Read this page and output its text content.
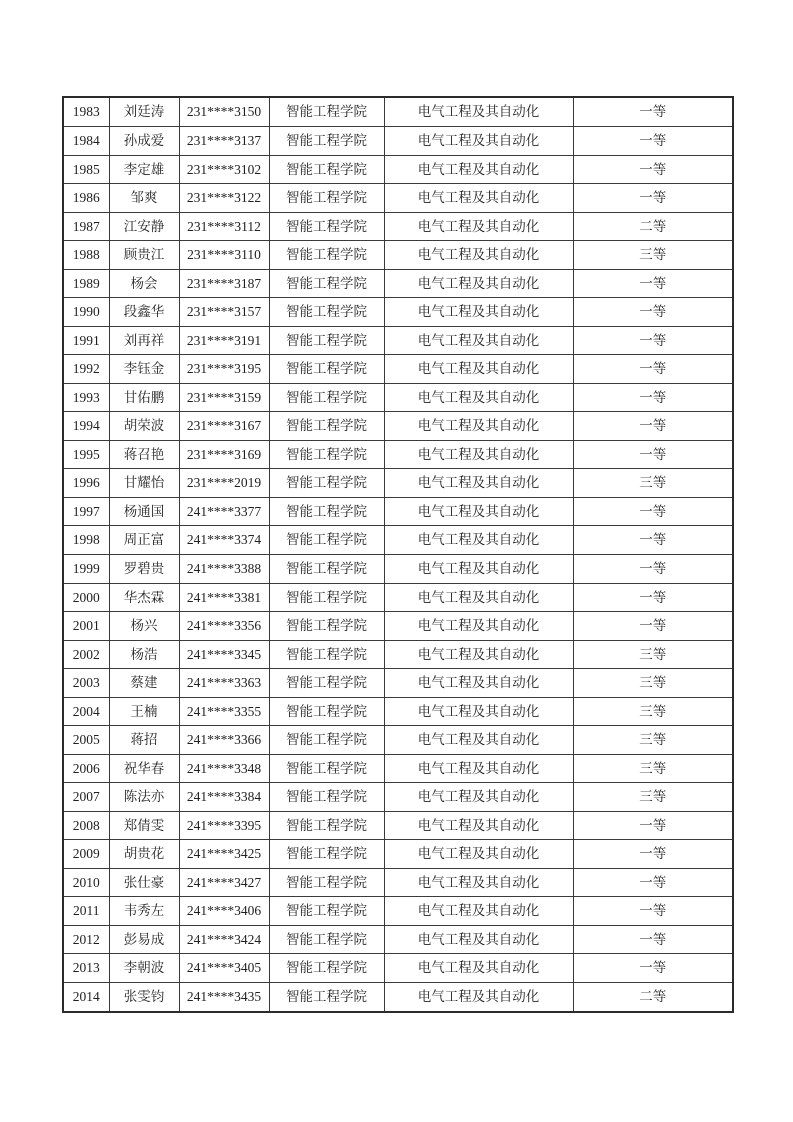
1983	刘廷涛	231****3150	智能工程学院	电气工程及其自动化	一等
1984	孙成爱	231****3137	智能工程学院	电气工程及其自动化	一等
1985	李定雄	231****3102	智能工程学院	电气工程及其自动化	一等
1986	邹爽	231****3122	智能工程学院	电气工程及其自动化	一等
1987	江安静	231****3112	智能工程学院	电气工程及其自动化	二等
1988	顾贵江	231****3110	智能工程学院	电气工程及其自动化	三等
1989	杨会	231****3187	智能工程学院	电气工程及其自动化	一等
1990	段鑫华	231****3157	智能工程学院	电气工程及其自动化	一等
1991	刘再祥	231****3191	智能工程学院	电气工程及其自动化	一等
1992	李钰金	231****3195	智能工程学院	电气工程及其自动化	一等
1993	甘佑鹏	231****3159	智能工程学院	电气工程及其自动化	一等
1994	胡荣波	231****3167	智能工程学院	电气工程及其自动化	一等
1995	蒋召艳	231****3169	智能工程学院	电气工程及其自动化	一等
1996	甘耀怡	231****2019	智能工程学院	电气工程及其自动化	三等
1997	杨通国	241****3377	智能工程学院	电气工程及其自动化	一等
1998	周正富	241****3374	智能工程学院	电气工程及其自动化	一等
1999	罗碧贵	241****3388	智能工程学院	电气工程及其自动化	一等
2000	华杰霖	241****3381	智能工程学院	电气工程及其自动化	一等
2001	杨兴	241****3356	智能工程学院	电气工程及其自动化	一等
2002	杨浩	241****3345	智能工程学院	电气工程及其自动化	三等
2003	蔡建	241****3363	智能工程学院	电气工程及其自动化	三等
2004	王楠	241****3355	智能工程学院	电气工程及其自动化	三等
2005	蒋招	241****3366	智能工程学院	电气工程及其自动化	三等
2006	祝华春	241****3348	智能工程学院	电气工程及其自动化	三等
2007	陈法亦	241****3384	智能工程学院	电气工程及其自动化	三等
2008	郑倩雯	241****3395	智能工程学院	电气工程及其自动化	一等
2009	胡贵花	241****3425	智能工程学院	电气工程及其自动化	一等
2010	张仕豪	241****3427	智能工程学院	电气工程及其自动化	一等
2011	韦秀左	241****3406	智能工程学院	电气工程及其自动化	一等
2012	彭易成	241****3424	智能工程学院	电气工程及其自动化	一等
2013	李朝波	241****3405	智能工程学院	电气工程及其自动化	一等
2014	张雯钧	241****3435	智能工程学院	电气工程及其自动化	二等
